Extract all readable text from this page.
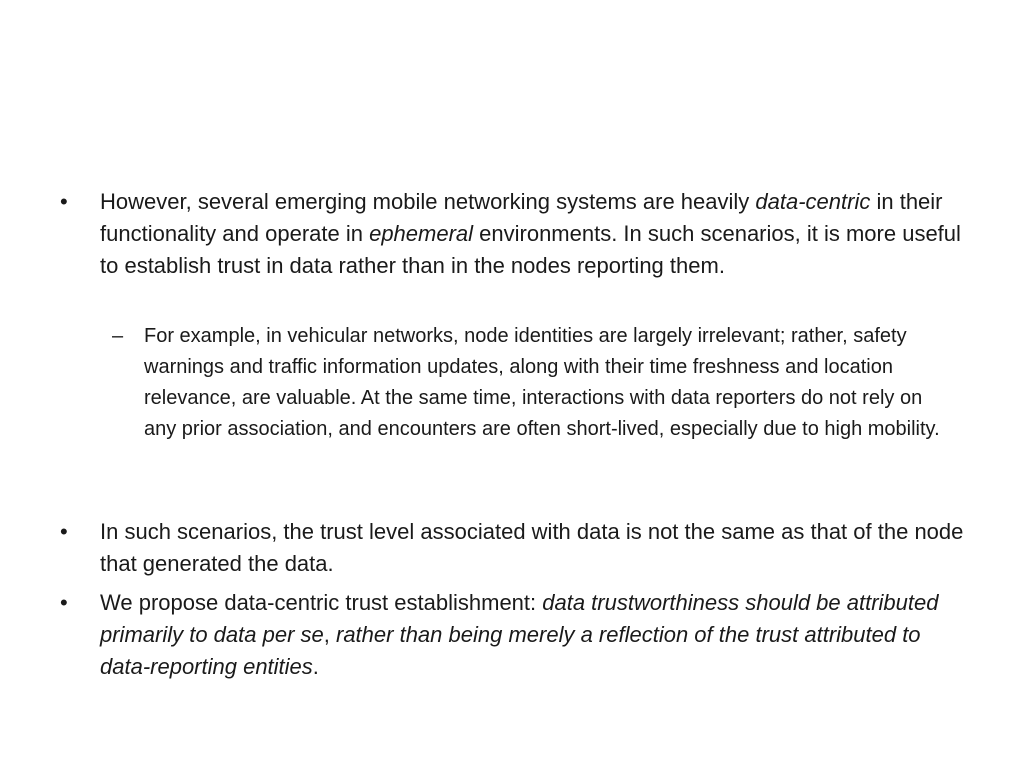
•	However, several emerging mobile networking systems are heavily data-centric in their functionality and operate in ephemeral environments. In such scenarios, it is more useful to establish trust in data rather than in the nodes reporting them.
–	For example, in vehicular networks, node identities are largely irrelevant; rather, safety warnings and traffic information updates, along with their time freshness and location relevance, are valuable. At the same time, interactions with data reporters do not rely on any prior association, and encounters are often short-lived, especially due to high mobility.
•	In such scenarios, the trust level associated with data is not the same as that of the node that generated the data.
•	We propose data-centric trust establishment: data trustworthiness should be attributed primarily to data per se, rather than being merely a reflection of the trust attributed to data-reporting entities.
